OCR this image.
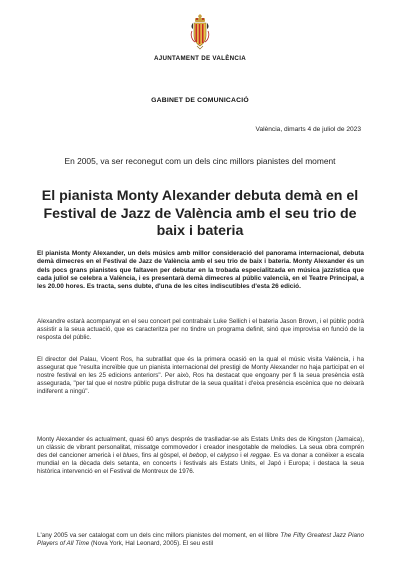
AJUNTAMENT DE VALÈNCIA
GABINET DE COMUNICACIÓ
València, dimarts 4 de juliol de 2023
En 2005, va ser reconegut com un dels cinc millors pianistes del moment
El pianista Monty Alexander debuta demà en el Festival de Jazz de València amb el seu trio de baix i bateria
El pianista Monty Alexander, un dels músics amb millor consideració del panorama internacional, debuta demà dimecres en el Festival de Jazz de València amb el seu trio de baix i bateria. Monty Alexander és un dels pocs grans pianistes que faltaven per debutar en la trobada especialitzada en música jazzística que cada juliol se celebra a València, i es presentarà demà dimecres al públic valencià, en el Teatre Principal, a les 20.00 hores. Es tracta, sens dubte, d'una de les cites indiscutibles d'esta 26 edició.
Alexandre estarà acompanyat en el seu concert pel contrabaix Luke Sellich i el bateria Jason Brown, i el públic podrà assistir a la seua actuació, que es caracteritza per no tindre un programa definit, sinó que improvisa en funció de la resposta del públic.
El director del Palau, Vicent Ros, ha subratllat que és la primera ocasió en la qual el músic visita València, i ha assegurat que "resulta increïble que un pianista internacional del prestigi de Monty Alexander no haja participat en el nostre festival en les 25 edicions anteriors". Per això, Ros ha destacat que engoany per fi la seua presència està assegurada, "per tal que el nostre públic puga disfrutar de la seua qualitat i d'eixa presència escènica que no deixarà indiferent a ningú".
Monty Alexander és actualment, quasi 60 anys després de traslladar-se als Estats Units des de Kingston (Jamaica), un clàssic de vibrant personalitat, missatge commovedor i creador inesgotable de melodies. La seua obra comprén des del cancioner americà i el blues, fins al gòspel, el bebop, el calypso i el reggae. Es va donar a conéixer a escala mundial en la dècada dels setanta, en concerts i festivals als Estats Units, el Japó i Europa; i destaca la seua històrica intervenció en el Festival de Montreux de 1976.
L'any 2005 va ser catalogat com un dels cinc millors pianistes del moment, en el llibre The Fifty Greatest Jazz Piano Players of All Time (Nova York, Hal Leonard, 2005). El seu estil
